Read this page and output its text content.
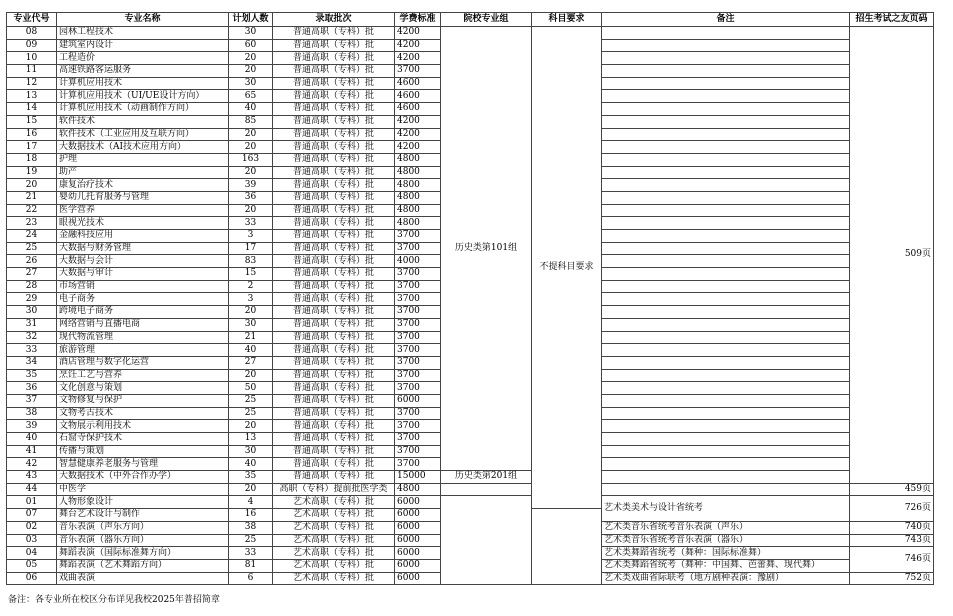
专业代号	专业名称	计划人数	录取批次	学费标准	院校专业组	科目要求	备注	招生考试之友页码
08	园林工程技术	30	普通高职（专科）批	4200	历史类第101组	不提科目要求		509页
09	建筑室内设计	60	普通高职（专科）批	4200				
10	工程造价	20	普通高职（专科）批	4200				
11	高速铁路客运服务	20	普通高职（专科）批	3700				
12	计算机应用技术	30	普通高职（专科）批	4600				
13	计算机应用技术（UI/UE设计方向）	65	普通高职（专科）批	4600				
14	计算机应用技术（动画制作方向）	40	普通高职（专科）批	4600				
15	软件技术	85	普通高职（专科）批	4200				
16	软件技术（工业应用及互联方向）	20	普通高职（专科）批	4200				
17	大数据技术（AI技术应用方向）	20	普通高职（专科）批	4200				
18	护理	163	普通高职（专科）批	4800				
19	助产	20	普通高职（专科）批	4800				
20	康复治疗技术	39	普通高职（专科）批	4800				
21	婴幼儿托育服务与管理	36	普通高职（专科）批	4800				
22	医学营养	20	普通高职（专科）批	4800				
23	眼视光技术	33	普通高职（专科）批	4800				
24	金融科技应用	3	普通高职（专科）批	3700				
25	大数据与财务管理	17	普通高职（专科）批	3700				
26	大数据与会计	83	普通高职（专科）批	4000				
27	大数据与审计	15	普通高职（专科）批	3700				
28	市场营销	2	普通高职（专科）批	3700				
29	电子商务	3	普通高职（专科）批	3700				
30	跨境电子商务	20	普通高职（专科）批	3700				
31	网络营销与直播电商	30	普通高职（专科）批	3700				
32	现代物流管理	21	普通高职（专科）批	3700				
33	旅游管理	40	普通高职（专科）批	3700				
34	酒店管理与数字化运营	27	普通高职（专科）批	3700				
35	烹饪工艺与营养	20	普通高职（专科）批	3700				
36	文化创意与策划	50	普通高职（专科）批	3700				
37	文物修复与保护	25	普通高职（专科）批	6000				
38	文物考古技术	25	普通高职（专科）批	3700				
39	文物展示利用技术	20	普通高职（专科）批	3700				
40	石窟寺保护技术	13	普通高职（专科）批	3700				
41	传播与策划	30	普通高职（专科）批	3700				
42	智慧健康养老服务与管理	40	普通高职（专科）批	3700				
43	大数据技术（中外合作办学）	35	普通高职（专科）批	15000	历史类第201组			
44	中医学	20	高职（专科）提前批医学类	4800				459页
01	人物形象设计	4	艺术高职（专科）批	6000			艺术类美术与设计省统考	726页
07	舞台艺术设计与制作	16	艺术高职（专科）批	6000				
02	音乐表演（声乐方向）	38	艺术高职（专科）批	6000			艺术类音乐省统考音乐表演（声乐）	740页
03	音乐表演（器乐方向）	25	艺术高职（专科）批	6000			艺术类音乐省统考音乐表演（器乐）	743页
04	舞蹈表演（国际标准舞方向）	33	艺术高职（专科）批	6000			艺术类舞蹈省统考（舞种：国际标准舞）	746页
05	舞蹈表演（艺术舞蹈方向）	81	艺术高职（专科）批	6000			艺术类舞蹈省统考（舞种：中国舞、芭蕾舞、现代舞）	
06	戏曲表演	6	艺术高职（专科）批	6000			艺术类戏曲省际联考（地方剧种表演：豫剧）	752页
备注：各专业所在校区分布详见我校2025年普招简章
